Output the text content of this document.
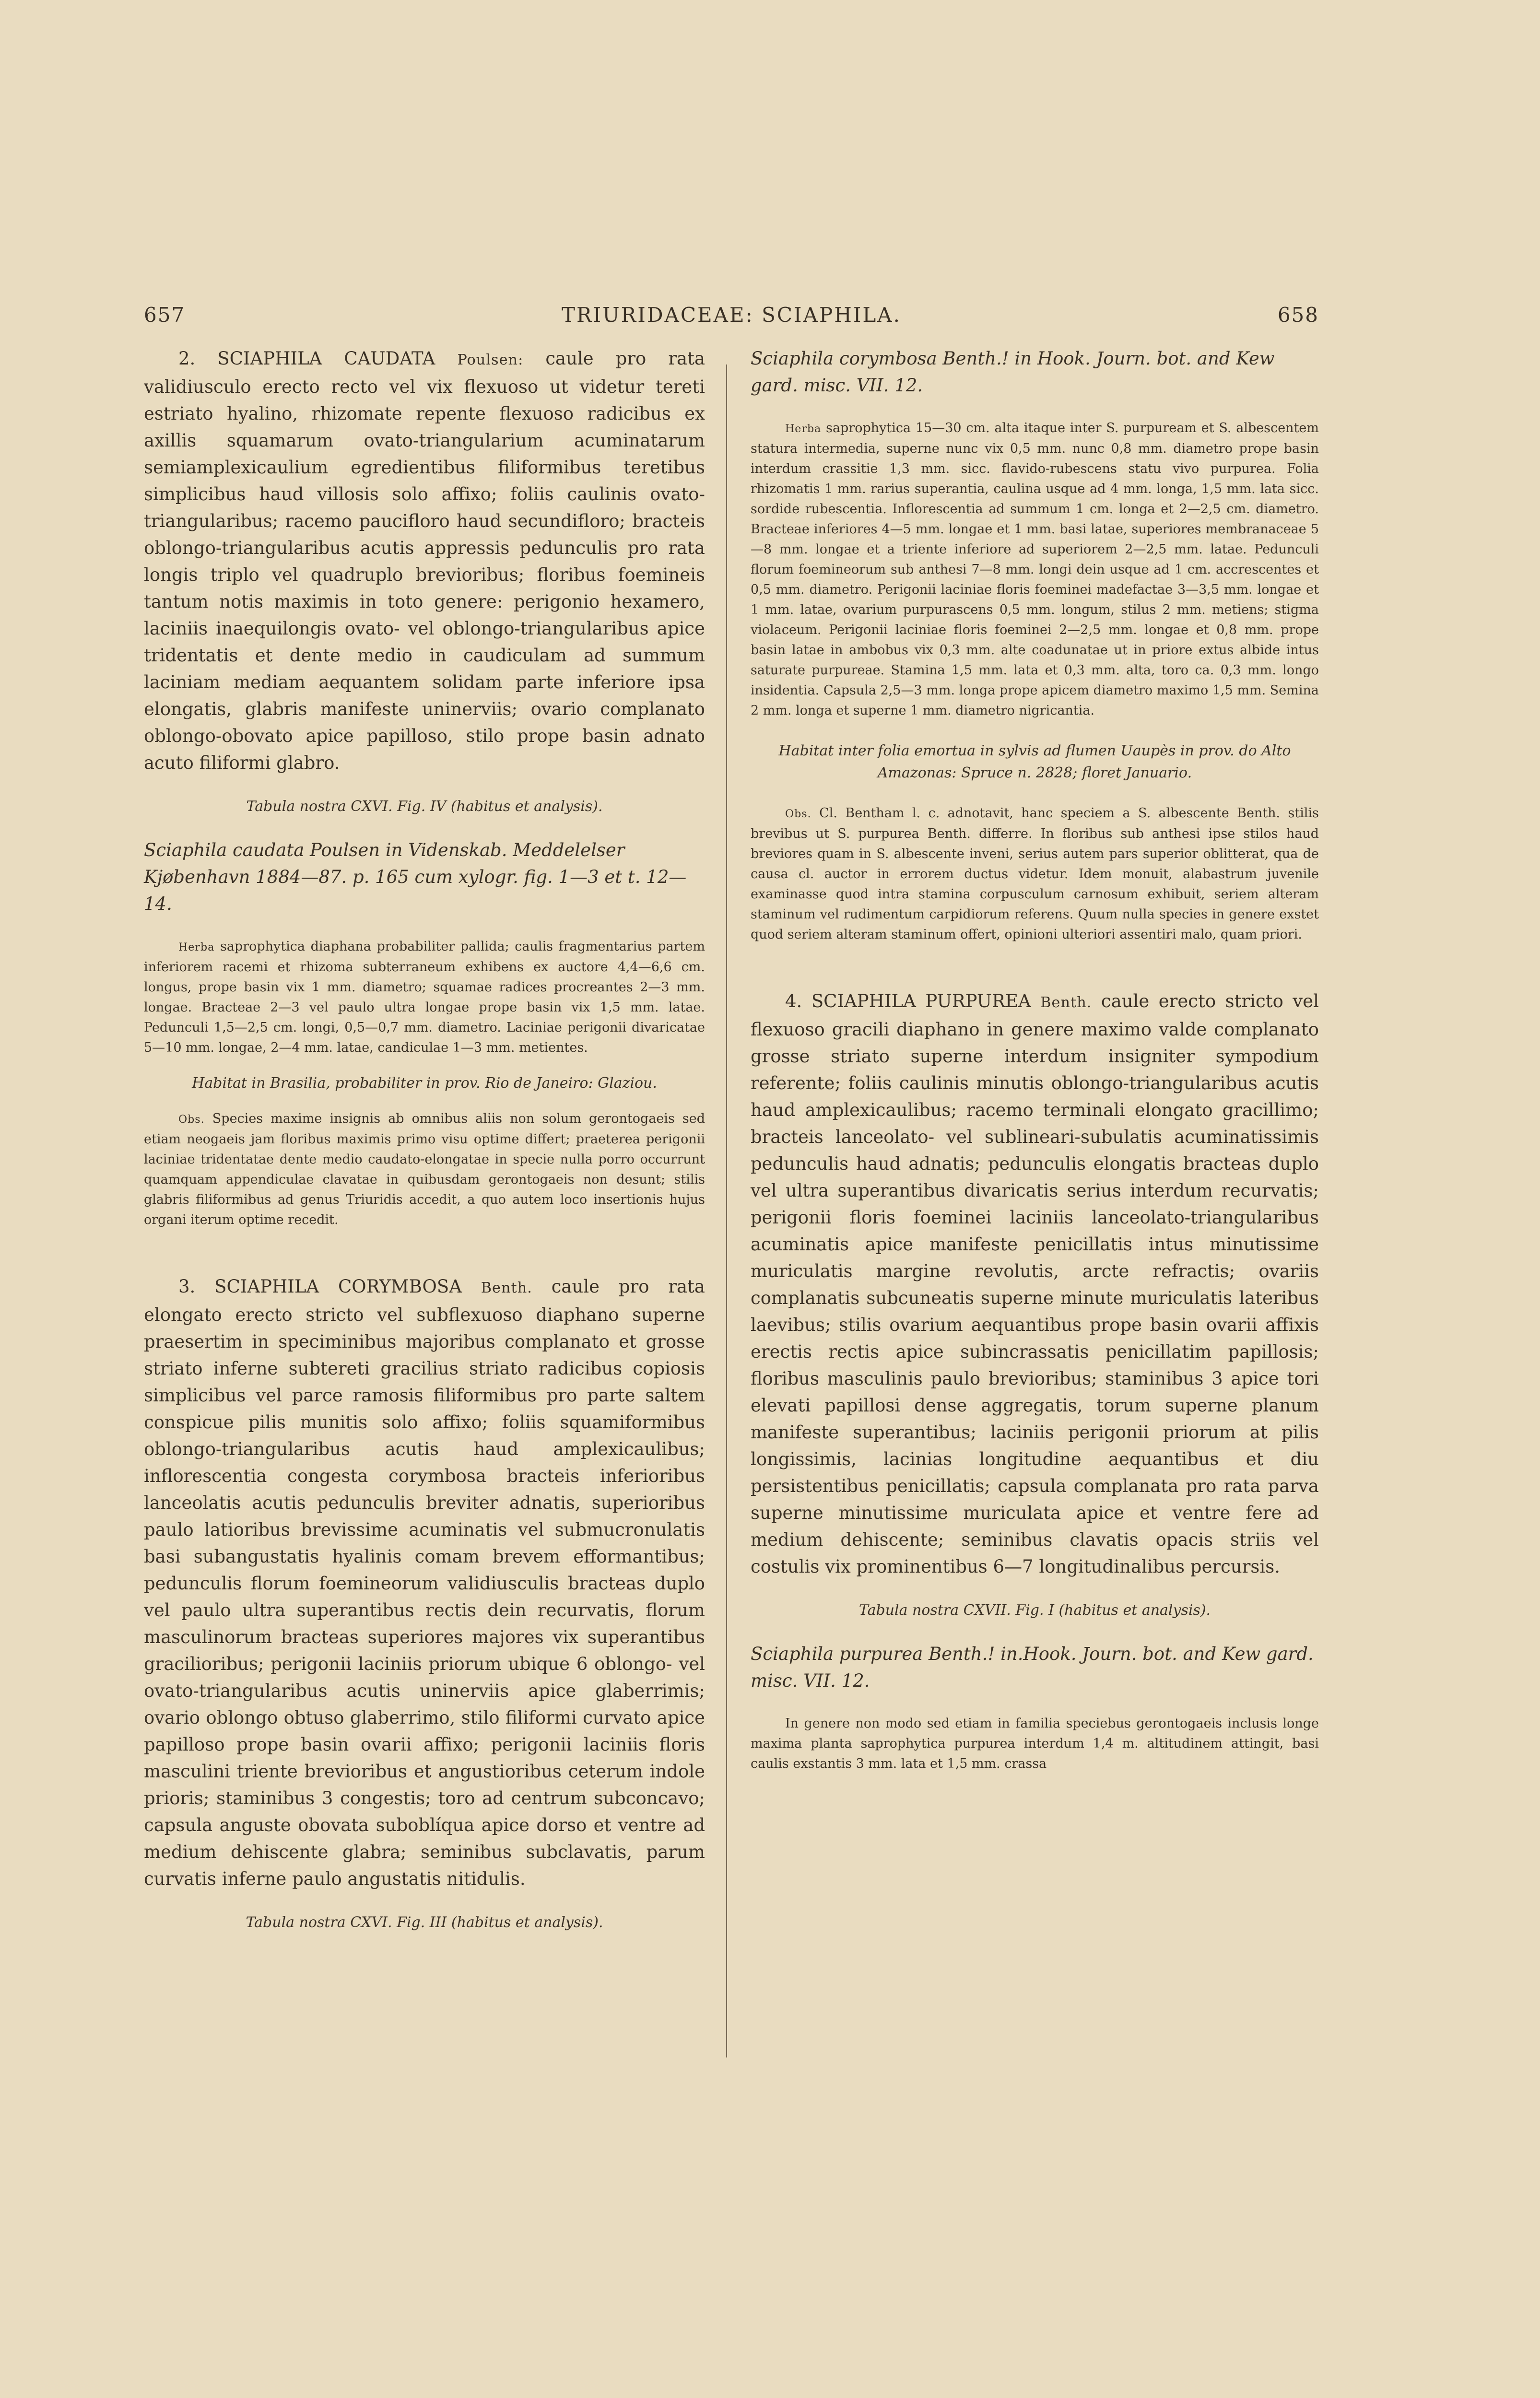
657	TRIURIDACEAE: SCIAPHILA.	658

2. SCIAPHILA CAUDATA Poulsen: caule pro rata validiusculo erecto recto vel vix flexuoso ut videtur tereti estriato hyalino, rhizomate repente flexuoso radicibus ex axillis squamarum ovato-triangularium acuminatarum semiamplexicaulium egredientibus filiformibus teretibus simplicibus haud villosis solo affixo; foliis caulinis ovato-triangularibus; racemo paucifloro haud secundifloro; bracteis oblongo-triangularibus acutis appressis pedunculis pro rata longis triplo vel quadruplo brevioribus; floribus foemineis tantum notis maximis in toto genere: perigonio hexamero, laciniis inaequilongis ovato- vel oblongo-triangularibus apice tridentatis et dente medio in caudiculam ad summum laciniam mediam aequantem solidam parte inferiore ipsa elongatis, glabris manifeste uninerviis; ovario complanato oblongo-obovato apice papilloso, stilo prope basin adnato acuto filiformi glabro.

Tabula nostra CXVI. Fig. IV (habitus et analysis).

Sciaphila caudata Poulsen in Videnskab. Meddelelser Kjøbenhavn 1884—87. p. 165 cum xylogr. fig. 1—3 et t. 12—14.

Herba saprophytica diaphana probabiliter pallida; caulis fragmentarius partem inferiorem racemi et rhizoma subterraneum exhibens ex auctore 4,4—6,6 cm. longus, prope basin vix 1 mm. diametro; squamae radices procreantes 2—3 mm. longae. Bracteae 2—3 vel paulo ultra longae prope basin vix 1,5 mm. latae. Pedunculi 1,5—2,5 cm. longi, 0,5—0,7 mm. diametro. Laciniae perigonii divaricatae 5—10 mm. longae, 2—4 mm. latae, candiculae 1—3 mm. metientes.

Habitat in Brasilia, probabiliter in prov. Rio de Janeiro: Glaziou.

Obs. Species maxime insignis ab omnibus aliis non solum gerontogaeis sed etiam neogaeis jam floribus maximis primo visu optime differt; praeterea perigonii laciniae tridentatae dente medio caudato-elongatae in specie nulla porro occurrunt quamquam appendiculae clavatae in quibusdam gerontogaeis non desunt; stilis glabris filiformibus ad genus Triuridis accedit, a quo autem loco insertionis hujus organi iterum optime recedit.

3. SCIAPHILA CORYMBOSA Benth. caule pro rata elongato erecto stricto vel subflexuoso diaphano superne praesertim in speciminibus majoribus complanato et grosse striato inferne subtereti gracilius striato radicibus copiosis simplicibus vel parce ramosis filiformibus pro parte saltem conspicue pilis munitis solo affixo; foliis squamiformibus oblongo-triangularibus acutis haud amplexicaulibus; inflorescentia congesta corymbosa bracteis inferioribus lanceolatis acutis pedunculis breviter adnatis, superioribus paulo latioribus brevissime acuminatis vel submucronulatis basi subangustatis hyalinis comam brevem efformantibus; pedunculis florum foemineorum validiusculis bracteas duplo vel paulo ultra superantibus rectis dein recurvatis, florum masculinorum bracteas superiores majores vix superantibus gracilioribus; perigonii laciniis priorum ubique 6 oblongo- vel ovato-triangularibus acutis uninerviis apice glaberrimis; ovario oblongo obtuso glaberrimo, stilo filiformi curvato apice papilloso prope basin ovarii affixo; perigonii laciniis floris masculini triente brevioribus et angustioribus ceterum indole prioris; staminibus 3 congestis; toro ad centrum subconcavo; capsula anguste obovata suboblíqua apice dorso et ventre ad medium dehiscente glabra; seminibus subclavatis, parum curvatis inferne paulo angustatis nitidulis.

Tabula nostra CXVI. Fig. III (habitus et analysis).

Sciaphila corymbosa Benth.! in Hook. Journ. bot. and Kew gard. misc. VII. 12.

Herba saprophytica 15—30 cm. alta itaque inter S. purpuream et S. albescentem statura intermedia, superne nunc vix 0,5 mm. nunc 0,8 mm. diametro prope basin interdum crassitie 1,3 mm. sicc. flavido-rubescens statu vivo purpurea. Folia rhizomatis 1 mm. rarius superantia, caulina usque ad 4 mm. longa, 1,5 mm. lata sicc. sordide rubescentia. Inflorescentia ad summum 1 cm. longa et 2—2,5 cm. diametro. Bracteae inferiores 4—5 mm. longae et 1 mm. basi latae, superiores membranaceae 5—8 mm. longae et a triente inferiore ad superiorem 2—2,5 mm. latae. Pedunculi florum foemineorum sub anthesi 7—8 mm. longi dein usque ad 1 cm. accrescentes et 0,5 mm. diametro. Perigonii laciniae floris foeminei madefactae 3—3,5 mm. longae et 1 mm. latae, ovarium purpurascens 0,5 mm. longum, stilus 2 mm. metiens; stigma violaceum. Perigonii laciniae floris foeminei 2—2,5 mm. longae et 0,8 mm. prope basin latae in ambobus vix 0,3 mm. alte coadunatae ut in priore extus albide intus saturate purpureae. Stamina 1,5 mm. lata et 0,3 mm. alta, toro ca. 0,3 mm. longo insidentia. Capsula 2,5—3 mm. longa prope apicem diametro maximo 1,5 mm. Semina 2 mm. longa et superne 1 mm. diametro nigricantia.

Habitat inter folia emortua in sylvis ad flumen Uaupès in prov. do Alto Amazonas: Spruce n. 2828; floret Januario.

Obs. Cl. Bentham l. c. adnotavit, hanc speciem a S. albescente Benth. stilis brevibus ut S. purpurea Benth. differre. In floribus sub anthesi ipse stilos haud breviores quam in S. albescente inveni, serius autem pars superior oblitterat, qua de causa cl. auctor in errorem ductus videtur. Idem monuit, alabastrum juvenile examinasse quod intra stamina corpusculum carnosum exhibuit, seriem alteram staminum vel rudimentum carpidiorum referens. Quum nulla species in genere exstet quod seriem alteram staminum offert, opinioni ulteriori assentiri malo, quam priori.

4. SCIAPHILA PURPUREA Benth. caule erecto stricto vel flexuoso gracili diaphano in genere maximo valde complanato grosse striato superne interdum insigniter sympodium referente; foliis caulinis minutis oblongo-triangularibus acutis haud amplexicaulibus; racemo terminali elongato gracillimo; bracteis lanceolato- vel sublineari-subulatis acuminatissimis pedunculis haud adnatis; pedunculis elongatis bracteas duplo vel ultra superantibus divaricatis serius interdum recurvatis; perigonii floris foeminei laciniis lanceolato-triangularibus acuminatis apice manifeste penicillatis intus minutissime muriculatis margine revolutis, arcte refractis; ovariis complanatis subcuneatis superne minute muriculatis lateribus laevibus; stilis ovarium aequantibus prope basin ovarii affixis erectis rectis apice subincrassatis penicillatim papillosis; floribus masculinis paulo brevioribus; staminibus 3 apice tori elevati papillosi dense aggregatis, torum superne planum manifeste superantibus; laciniis perigonii priorum at pilis longissimis, lacinias longitudine aequantibus et diu persistentibus penicillatis; capsula complanata pro rata parva superne minutissime muriculata apice et ventre fere ad medium dehiscente; seminibus clavatis opacis striis vel costulis vix prominentibus 6—7 longitudinalibus percursis.

Tabula nostra CXVII. Fig. I (habitus et analysis).

Sciaphila purpurea Benth.! in.Hook. Journ. bot. and Kew gard. misc. VII. 12.

In genere non modo sed etiam in familia speciebus gerontogaeis inclusis longe maxima planta saprophytica purpurea interdum 1,4 m. altitudinem attingit, basi caulis exstantis 3 mm. lata et 1,5 mm. crassa
